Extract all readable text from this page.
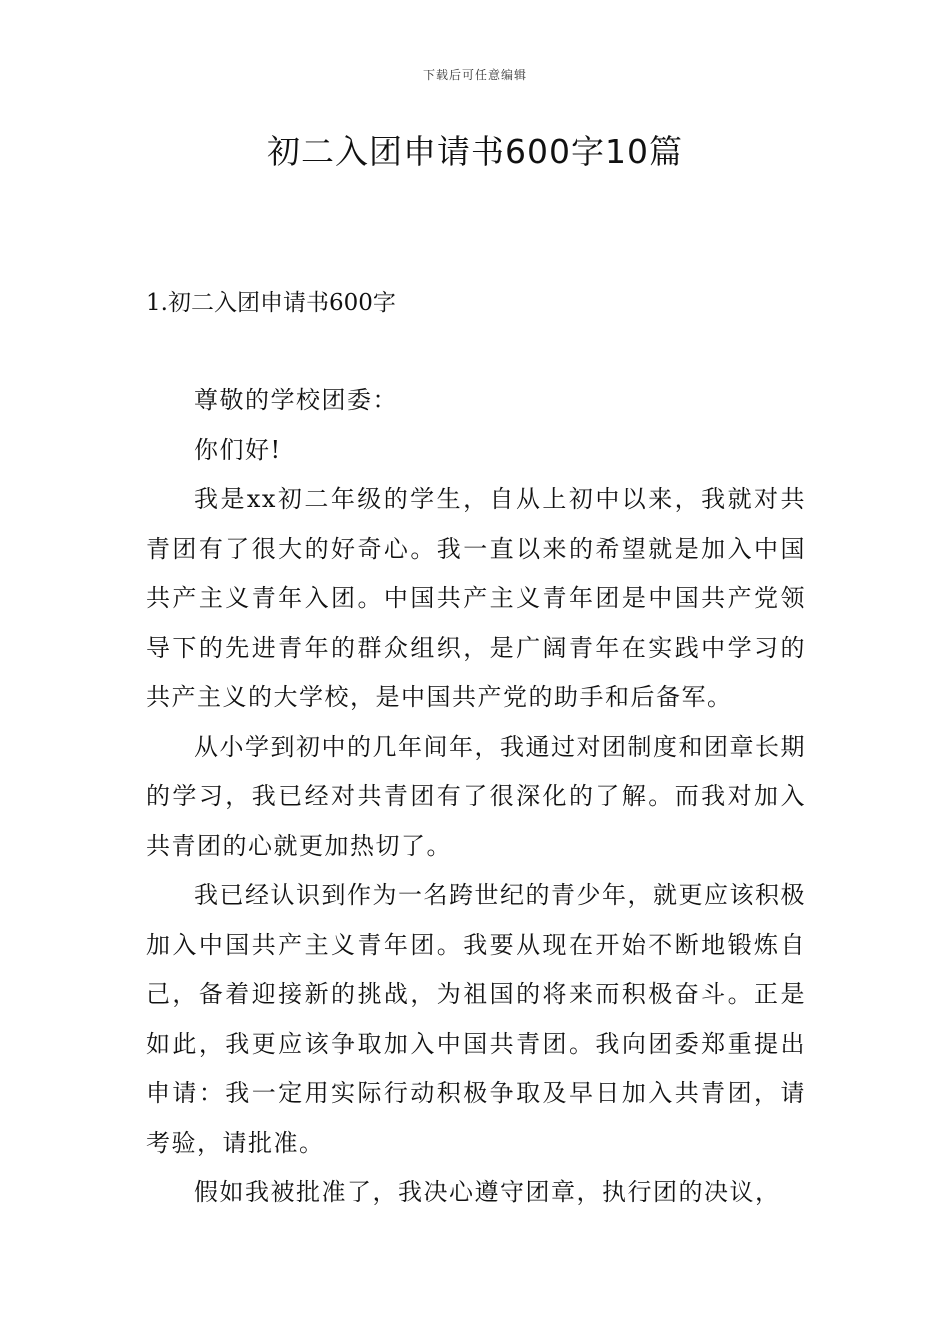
下载后可任意编辑
初二入团申请书600字10篇
1.初二入团申请书600字

尊敬的学校团委：

你们好!

我是xx初二年级的学生，自从上初中以来，我就对共青团有了很大的好奇心。我一直以来的希望就是加入中国共产主义青年入团。中国共产主义青年团是中国共产党领导下的先进青年的群众组织，是广阔青年在实践中学习的共产主义的大学校，是中国共产党的助手和后备军。

从小学到初中的几年间年，我通过对团制度和团章长期的学习，我已经对共青团有了很深化的了解。而我对加入共青团的心就更加热切了。

我已经认识到作为一名跨世纪的青少年，就更应该积极加入中国共产主义青年团。我要从现在开始不断地锻炼自己，备着迎接新的挑战，为祖国的将来而积极奋斗。正是如此，我更应该争取加入中国共青团。我向团委郑重提出申请：我一定用实际行动积极争取及早日加入共青团，请考验，请批准。

假如我被批准了，我决心遵守团章，执行团的决议，
